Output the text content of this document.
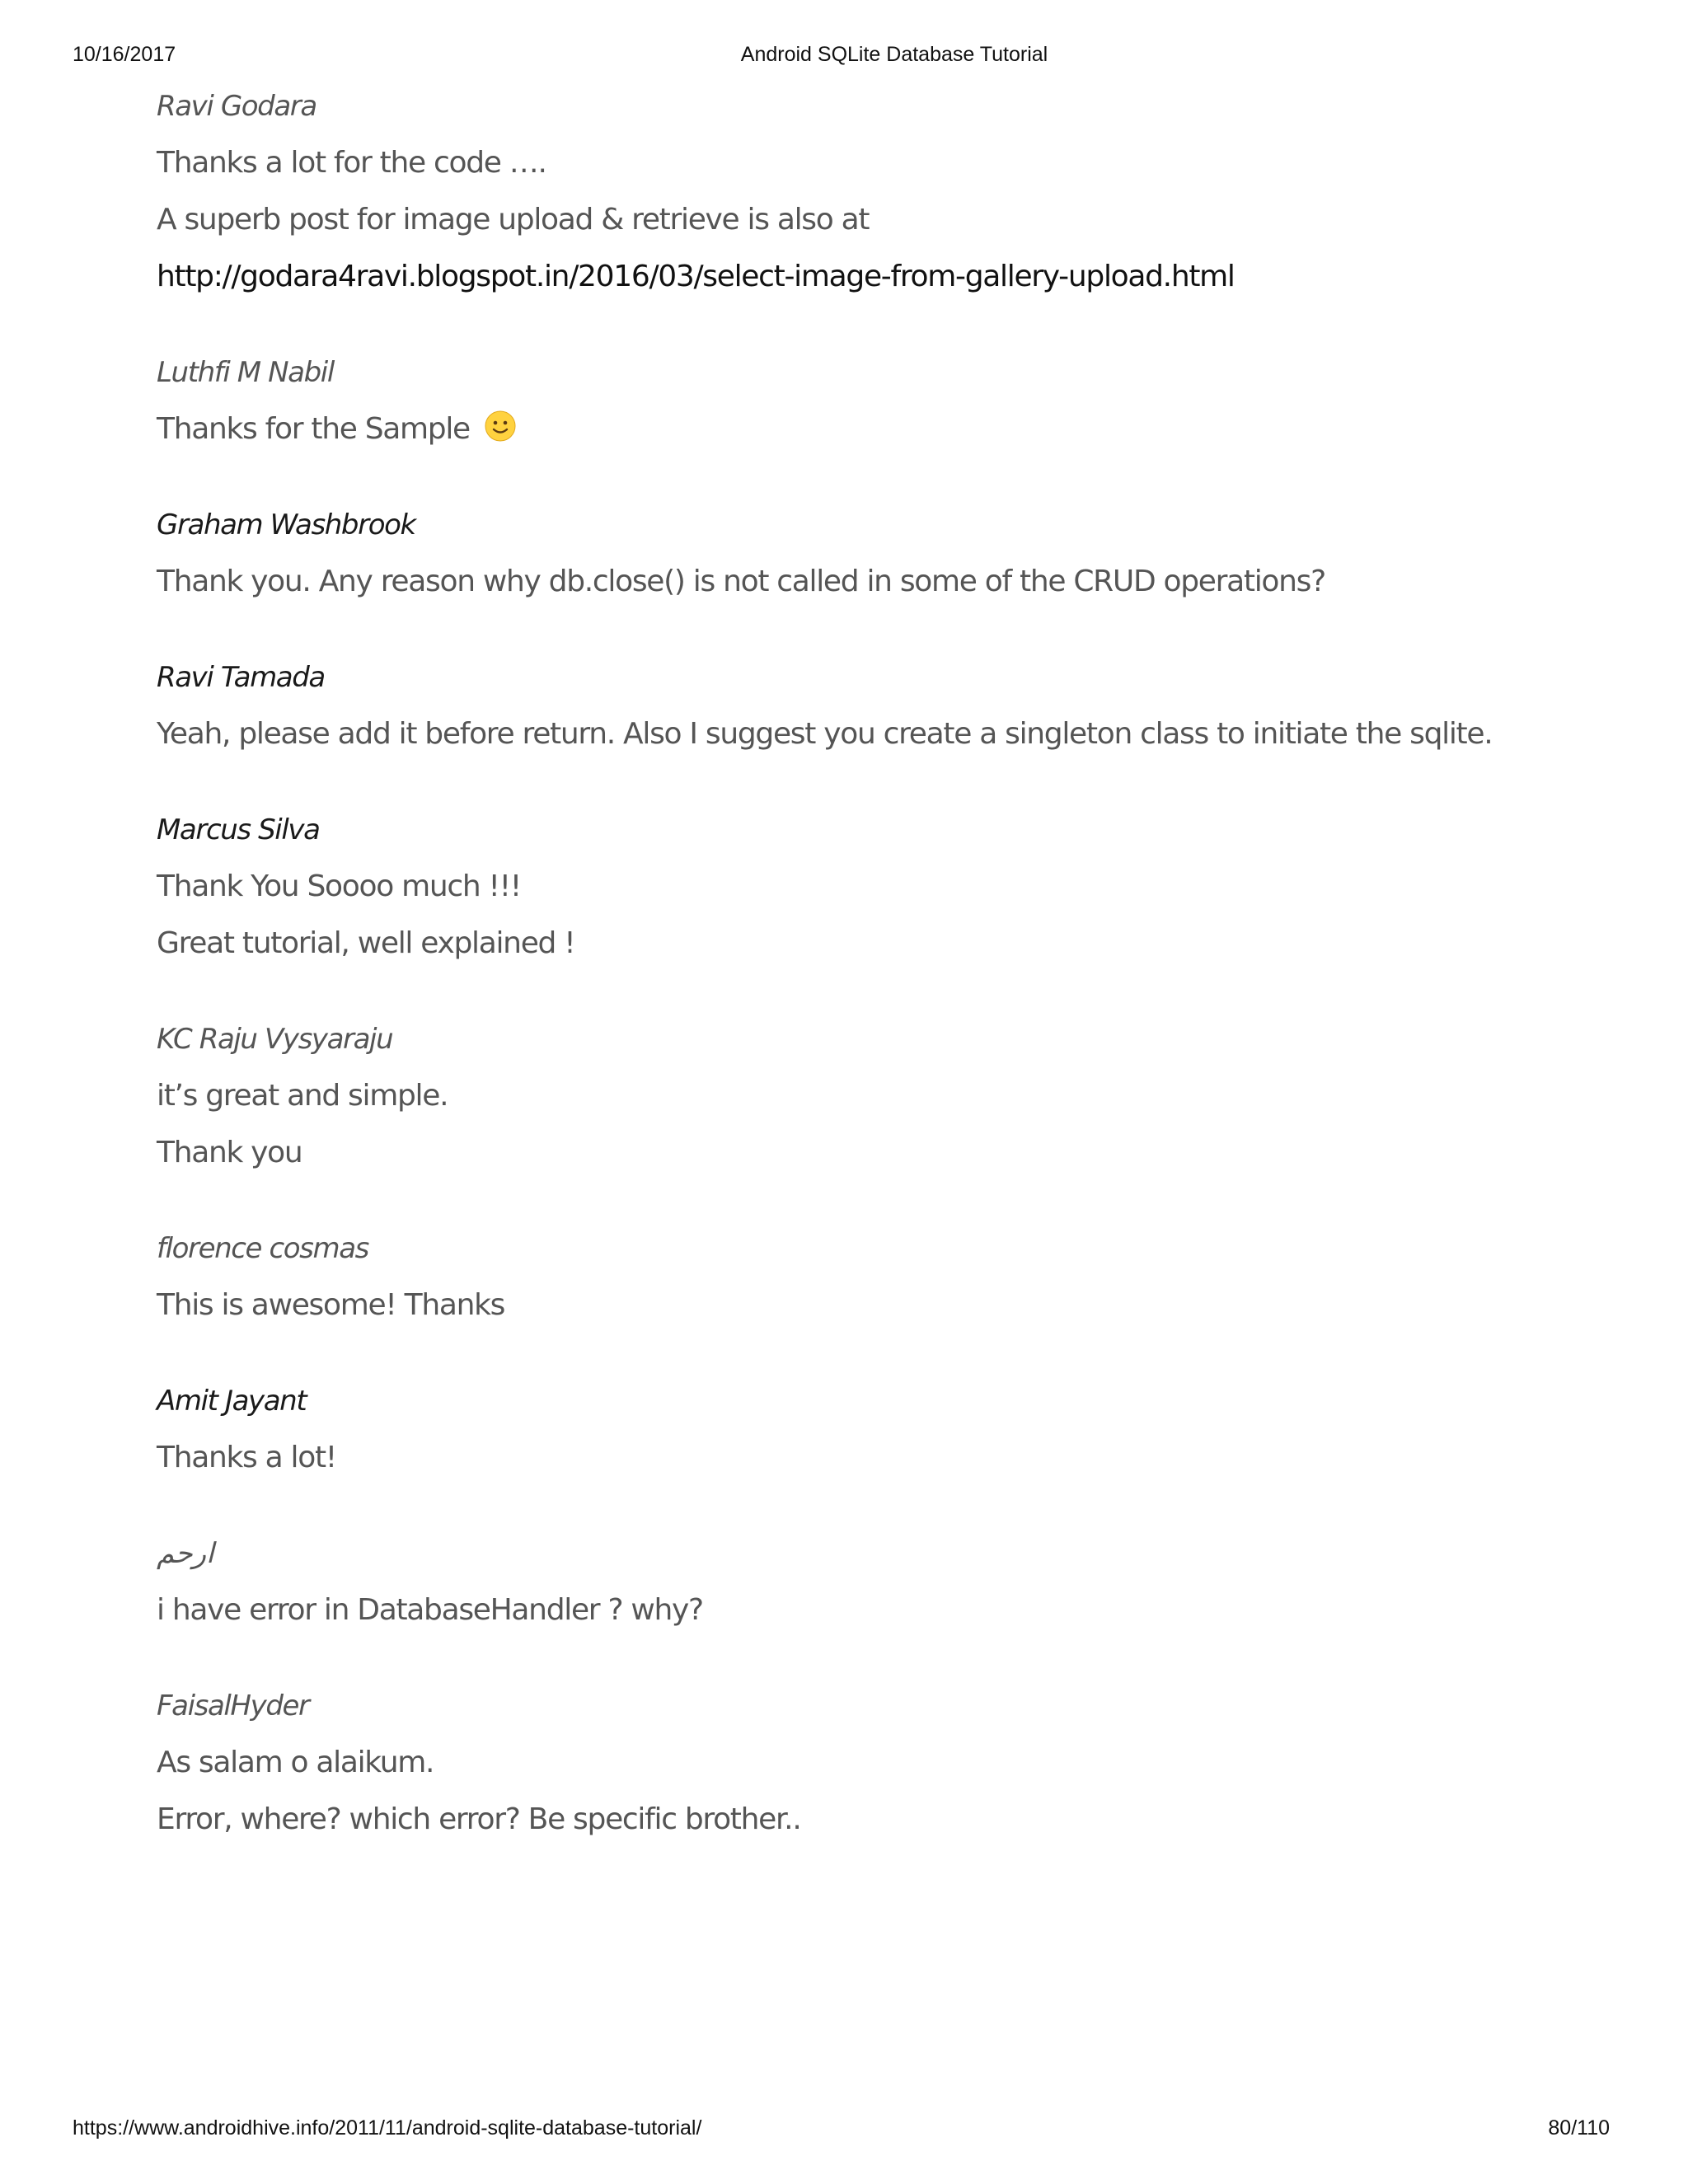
10/16/2017	Android SQLite Database Tutorial
Ravi Godara
Thanks a lot for the code ….
A superb post for image upload & retrieve is also at
http://godara4ravi.blogspot.in/2016/03/select-image-from-gallery-upload.html
Luthfi M Nabil
Thanks for the Sample
Graham Washbrook
Thank you. Any reason why db.close() is not called in some of the CRUD operations?
Ravi Tamada
Yeah, please add it before return. Also I suggest you create a singleton class to initiate the sqlite.
Marcus Silva
Thank You Soooo much !!!
Great tutorial, well explained !
KC Raju Vysyaraju
it’s great and simple.
Thank you
florence cosmas
This is awesome! Thanks
Amit Jayant
Thanks a lot!
ارحم
i have error in DatabaseHandler ? why?
FaisalHyder
As salam o alaikum.
Error, where? which error? Be specific brother..
https://www.androidhive.info/2011/11/android-sqlite-database-tutorial/	80/110
